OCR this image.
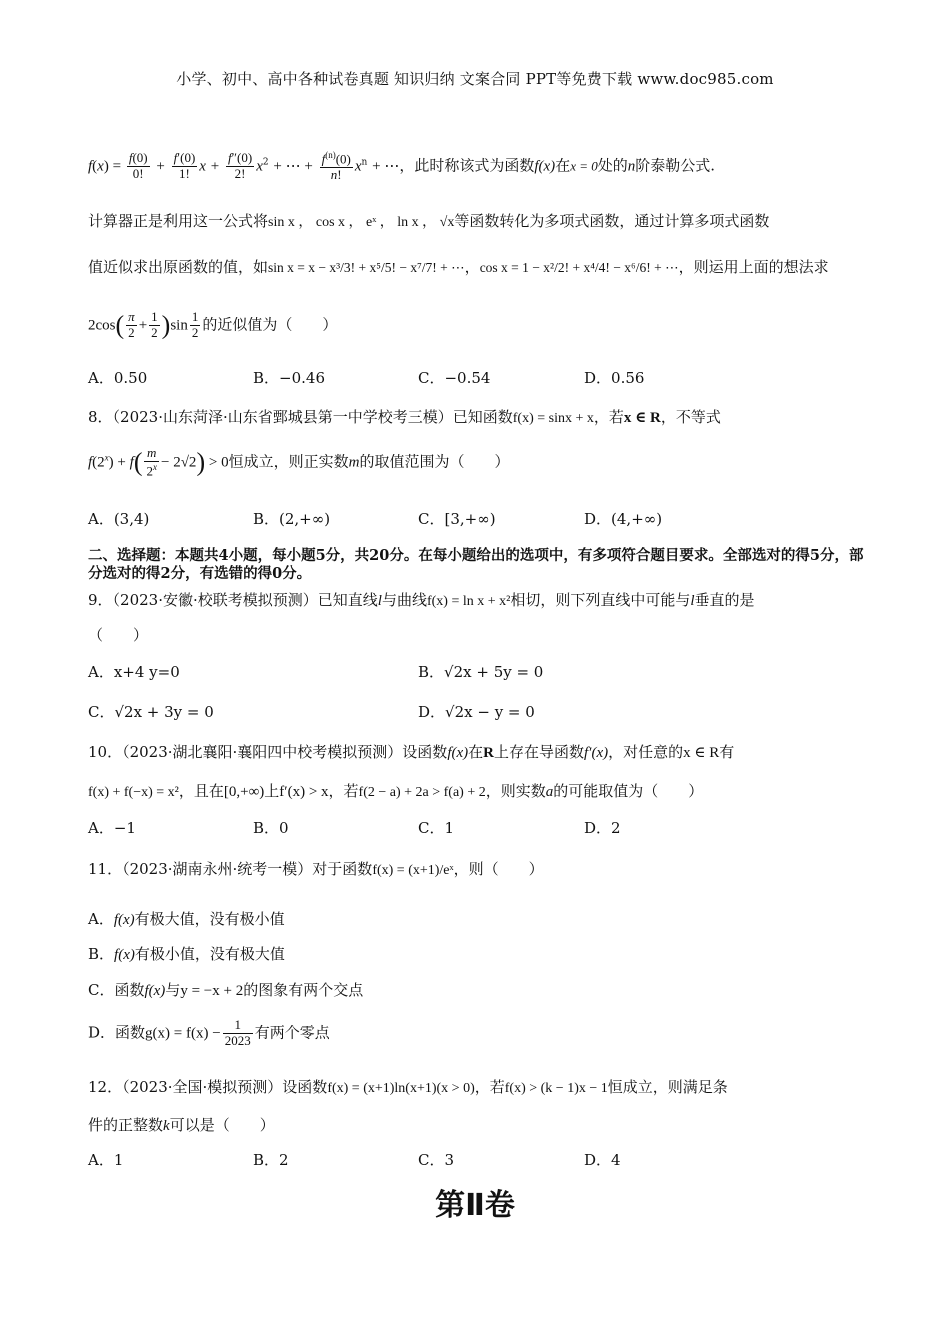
小学、初中、高中各种试卷真题 知识归纳 文案合同 PPT等免费下载 www.doc985.com
$f(x) = \frac{f(0)}{0!} + \frac{f'(0)}{1!}$ $x + \frac{f''(0)}{2!} x^2$ + ⋯ + $\frac{f^{(n)}(0)}{n!} x^n$ + ⋯，此时称该式为函数f(x)在x = 0处的n阶泰勒公式.
计算器正是利用这一公式将sin x ， cos x ， eˣ ， ln x ， √x等函数转化为多项式函数，通过计算多项式函数
值近似求出原函数的值，如sin x = x − x³/3! + x⁵/5! − x⁷/7! + ⋯，cos x = 1 − x²/2! + x⁴/4! − x⁶/6! + ⋯，则运用上面的想法求
$2\cos( \frac{\pi}{2} + \frac{1}{2} )\sin \frac{1}{2}$ 的近似值为（　　）
A．0.50	B．−0.46	C．−0.54	D．0.56
8．（2023·山东菏泽·山东省鄄城县第一中学校考三模）已知函数f(x) = sinx + x，若x ∈ R，不等式
$f(2^x) + f( \frac{m}{2^x} - 2√2) > 0$恒成立，则正实数m的取值范围为（　　）
A．(3,4)	B．(2,+∞)	C．[3,+∞)	D．(4,+∞)
二、选择题：本题共4小题，每小题5分，共20分。在每小题给出的选项中，有多项符合题目要求。全部选对的得5分，部分选对的得2分，有选错的得0分。
9．（2023·安徽·校联考模拟预测）已知直线l与曲线f(x) = ln x + x²相切，则下列直线中可能与l垂直的是
（　　）
A．x+4 y=0	B．√2x + 5y = 0
C．√2x + 3y = 0	D．√2x − y = 0
10．（2023·湖北襄阳·襄阳四中校考模拟预测）设函数f(x)在R上存在导函数f′(x)，对任意的x ∈ R有
f(x) + f(−x) = x²，且在[0,+∞)上f′(x) > x，若f(2 − a) + 2a > f(a) + 2，则实数a的可能取值为（　　）
A．−1	B．0	C．1	D．2
11．（2023·湖南永州·统考一模）对于函数f(x) = (x+1)/eˣ，则（　　）
A．f(x)有极大值，没有极小值
B．f(x)有极小值，没有极大值
C．函数f(x)与y = −x + 2的图象有两个交点
D．函数$g(x) = f(x) - \frac{1}{2023}$ 有两个零点
12．（2023·全国·模拟预测）设函数f(x) = (x+1)ln(x+1)(x > 0)，若f(x) > (k − 1)x − 1恒成立，则满足条
件的正整数k可以是（　　）
A．1	B．2	C．3	D．4
第Ⅱ卷
